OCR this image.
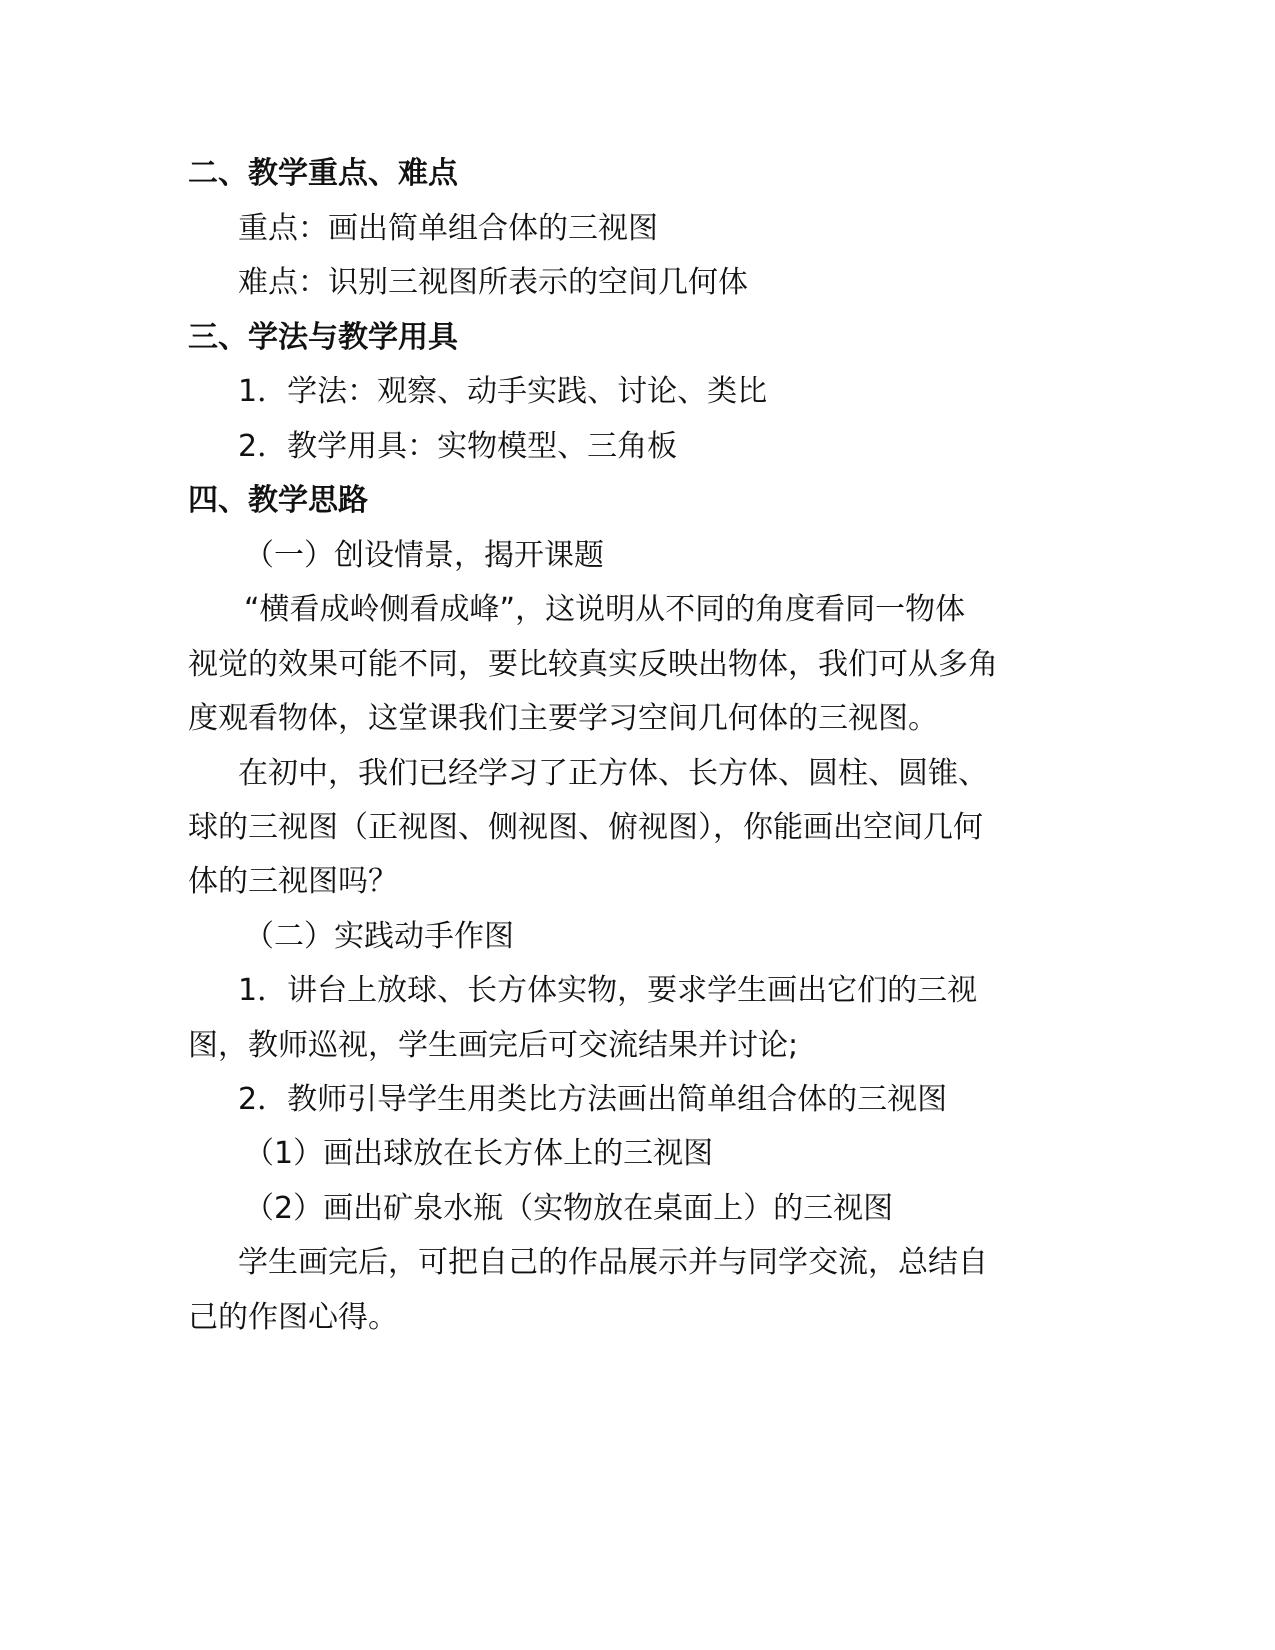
二、教学重点、难点
重点：画出简单组合体的三视图
难点：识别三视图所表示的空间几何体
三、学法与教学用具
1．学法：观察、动手实践、讨论、类比
2．教学用具：实物模型、三角板
四、教学思路
（一）创设情景，揭开课题
“横看成岭侧看成峰”，这说明从不同的角度看同一物体
视觉的效果可能不同，要比较真实反映出物体，我们可从多角
度观看物体，这堂课我们主要学习空间几何体的三视图。
在初中，我们已经学习了正方体、长方体、圆柱、圆锥、
球的三视图（正视图、侧视图、俯视图），你能画出空间几何
体的三视图吗？
（二）实践动手作图
1．讲台上放球、长方体实物，要求学生画出它们的三视
图，教师巡视，学生画完后可交流结果并讨论;
2．教师引导学生用类比方法画出简单组合体的三视图
（1）画出球放在长方体上的三视图
（2）画出矿泉水瓶（实物放在桌面上）的三视图
学生画完后，可把自己的作品展示并与同学交流，总结自
己的作图心得。
